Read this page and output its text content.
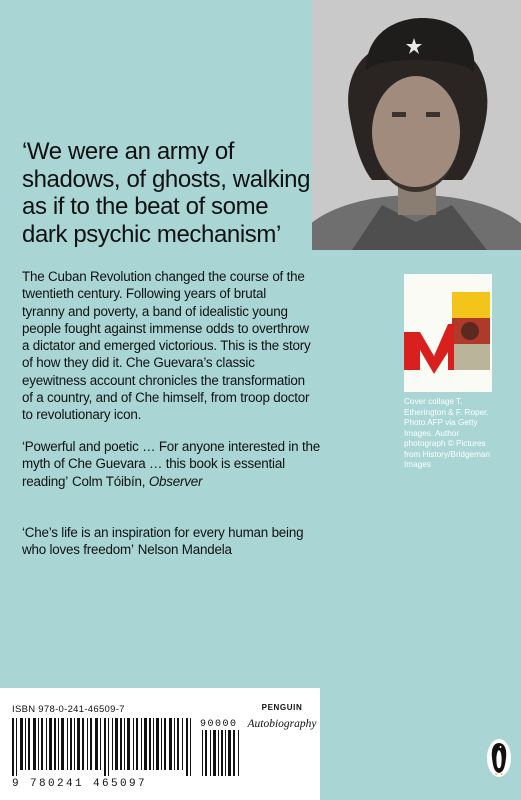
‘We were an army of shadows, of ghosts, walking as if to the beat of some dark psychic mechanism’

The Cuban Revolution changed the course of the twentieth century. Following years of brutal tyranny and poverty, a band of idealistic young people fought against immense odds to overthrow a dictator and emerged victorious. This is the story of how they did it. Che Guevara’s classic eyewitness account chronicles the transformation of a country, and of Che himself, from troop doctor to revolutionary icon.

‘Powerful and poetic … For anyone interested in the myth of Che Guevara … this book is essential reading’ Colm Tóibín, Observer

‘Che’s life is an inspiration for every human being who loves freedom’ Nelson Mandela

Cover collage T. Etherington & F. Roper. Photo AFP via Getty Images. Author photograph © Pictures from History/Bridgeman Images

ISBN 978-0-241-46509-7

90000

9 780241 465097

PENGUIN
Autobiography
